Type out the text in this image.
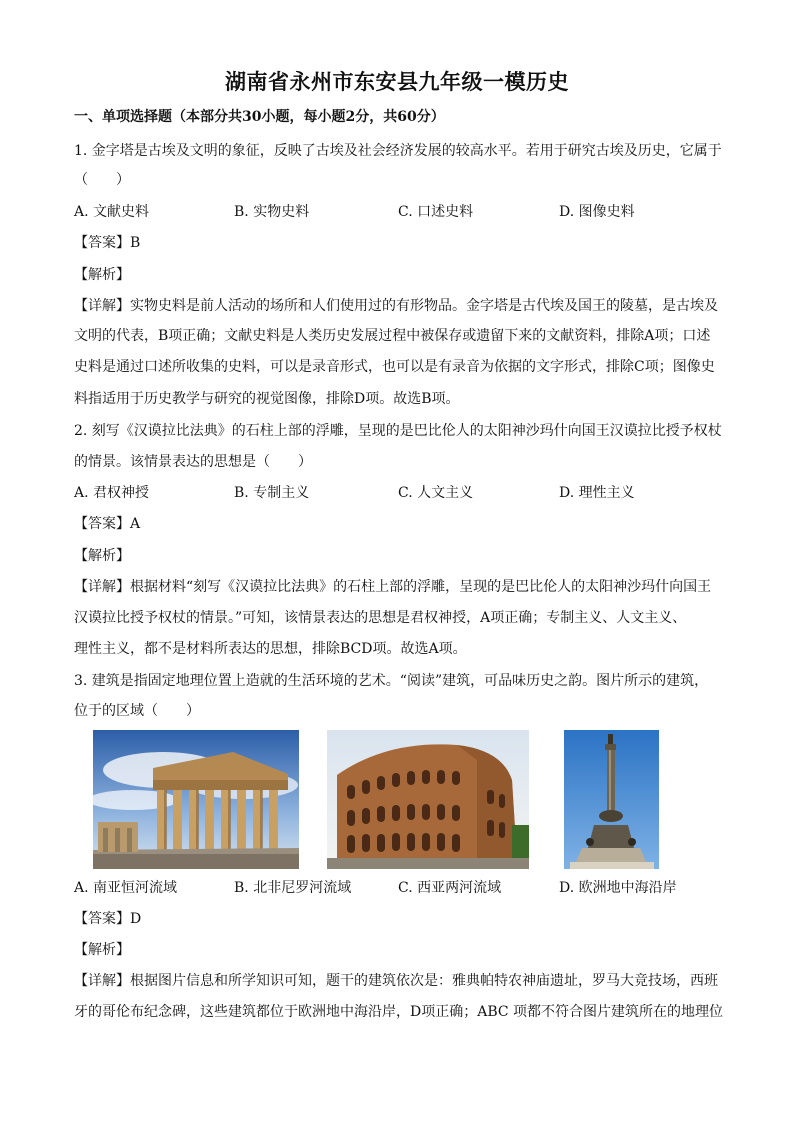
湖南省永州市东安县九年级一模历史
一、单项选择题（本部分共30小题，每小题2分，共60分）
1. 金字塔是古埃及文明的象征，反映了古埃及社会经济发展的较高水平。若用于研究古埃及历史，它属于
（　　）
A. 文献史料	B. 实物史料	C. 口述史料	D. 图像史料
【答案】B
【解析】
【详解】实物史料是前人活动的场所和人们使用过的有形物品。金字塔是古代埃及国王的陵墓，是古埃及
文明的代表，B项正确；文献史料是人类历史发展过程中被保存或遗留下来的文献资料，排除A项；口述
史料是通过口述所收集的史料，可以是录音形式，也可以是有录音为依据的文字形式，排除C项；图像史
料指适用于历史教学与研究的视觉图像，排除D项。故选B项。
2. 刻写《汉谟拉比法典》的石柱上部的浮雕，呈现的是巴比伦人的太阳神沙玛什向国王汉谟拉比授予权杖
的情景。该情景表达的思想是（　　）
A. 君权神授	B. 专制主义	C. 人文主义	D. 理性主义
【答案】A
【解析】
【详解】根据材料“刻写《汉谟拉比法典》的石柱上部的浮雕，呈现的是巴比伦人的太阳神沙玛什向国王
汉谟拉比授予权杖的情景。”可知，该情景表达的思想是君权神授，A项正确；专制主义、人文主义、
理性主义，都不是材料所表达的思想，排除BCD项。故选A项。
3. 建筑是指固定地理位置上造就的生活环境的艺术。“阅读”建筑，可品味历史之韵。图片所示的建筑，
位于的区域（　　）
A. 南亚恒河流域	B. 北非尼罗河流域	C. 西亚两河流域	D. 欧洲地中海沿岸
【答案】D
【解析】
【详解】根据图片信息和所学知识可知，题干的建筑依次是：雅典帕特农神庙遗址，罗马大竞技场，西班
牙的哥伦布纪念碑，这些建筑都位于欧洲地中海沿岸，D项正确；ABC 项都不符合图片建筑所在的地理位
